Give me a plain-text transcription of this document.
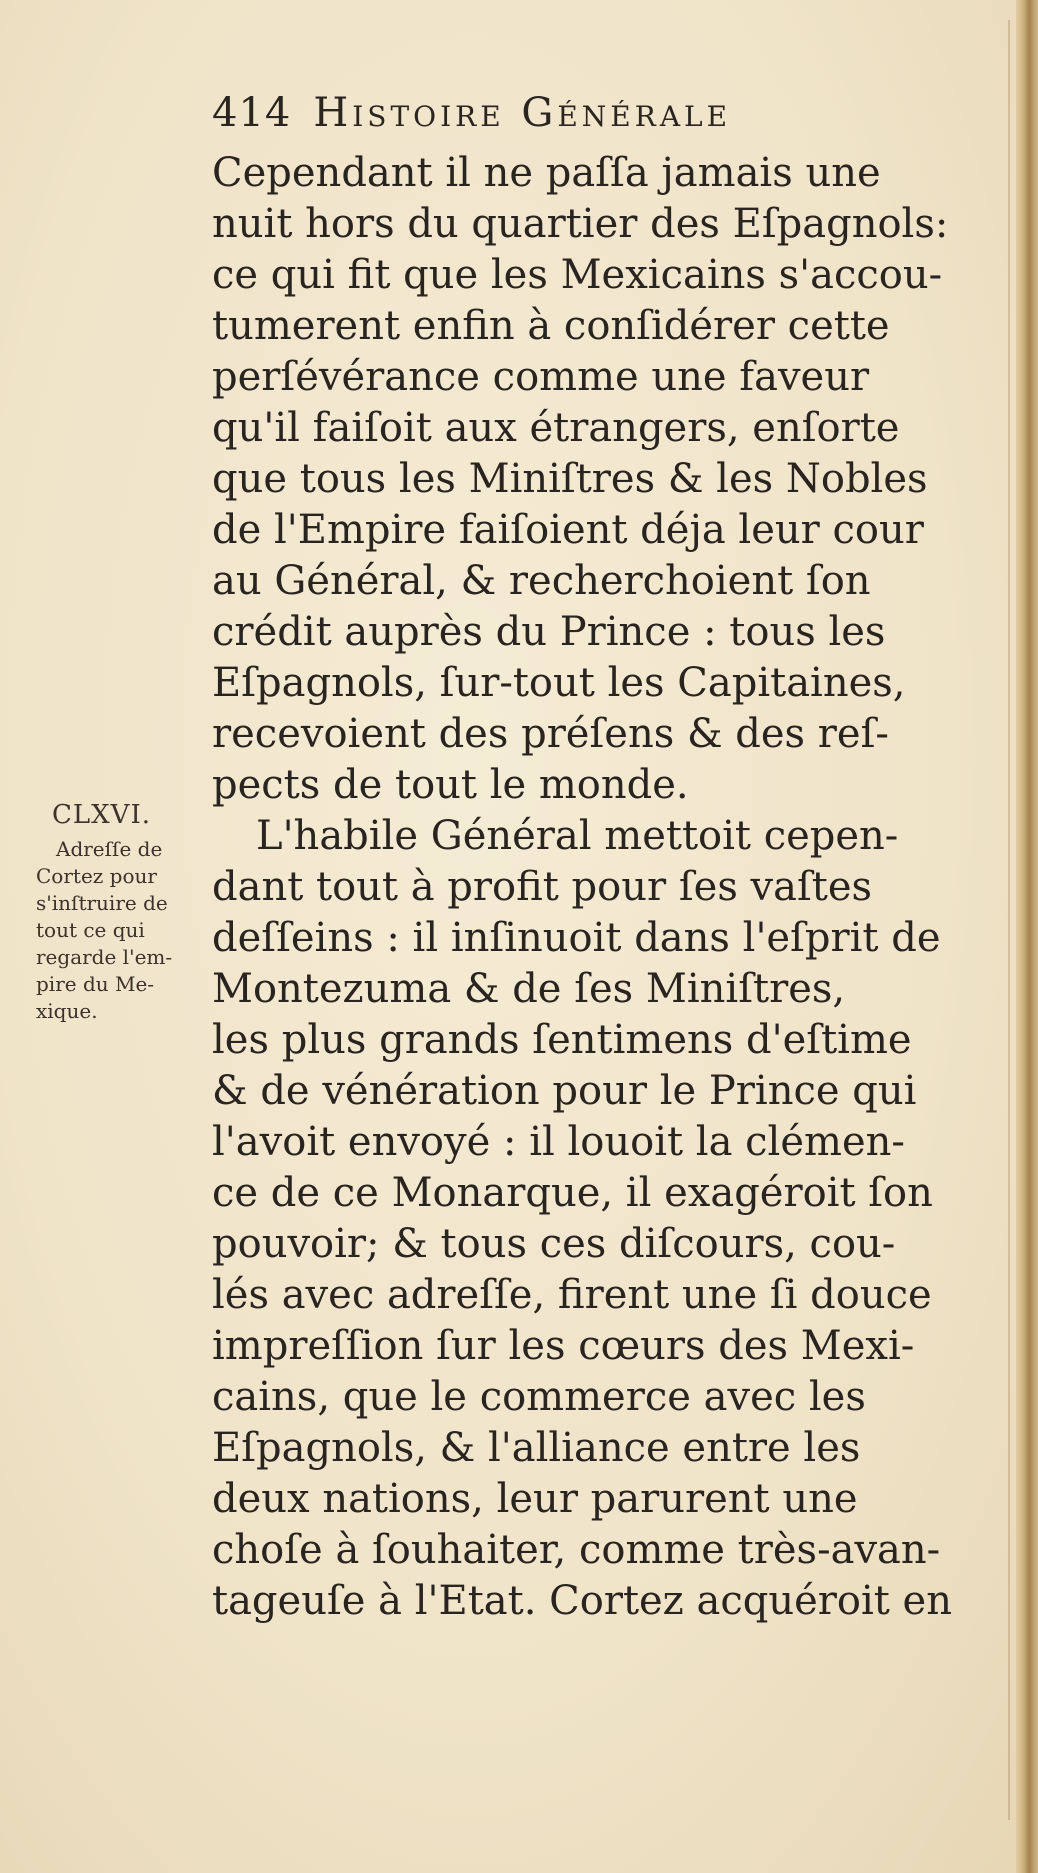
414 Histoire Générale
Cependant il ne paſſa jamais une
nuit hors du quartier des Eſpagnols:
ce qui fit que les Mexicains s'accou-
tumerent enfin à conſidérer cette
perſévérance comme une faveur
qu'il faiſoit aux étrangers, enſorte
que tous les Miniſtres & les Nobles
de l'Empire faiſoient déja leur cour
au Général, & recherchoient ſon
crédit auprès du Prince : tous les
Eſpagnols, ſur-tout les Capitaines,
recevoient des préſens & des reſ-
pects de tout le monde.
L'habile Général mettoit cepen-
dant tout à profit pour ſes vaſtes
deſſeins : il inſinuoit dans l'eſprit de
Montezuma & de ſes Miniſtres,
les plus grands ſentimens d'eſtime
& de vénération pour le Prince qui
l'avoit envoyé : il louoit la clémen-
ce de ce Monarque, il exagéroit ſon
pouvoir; & tous ces diſcours, cou-
lés avec adreſſe, firent une ſi douce
impreſſion ſur les cœurs des Mexi-
cains, que le commerce avec les
Eſpagnols, & l'alliance entre les
deux nations, leur parurent une
choſe à ſouhaiter, comme très-avan-
tageuſe à l'Etat. Cortez acquéroit en
CLXVI.
Adreſſe de
Cortez pour
s'inſtruire de
tout ce qui
regarde l'em-
pire du Me-
xique.
